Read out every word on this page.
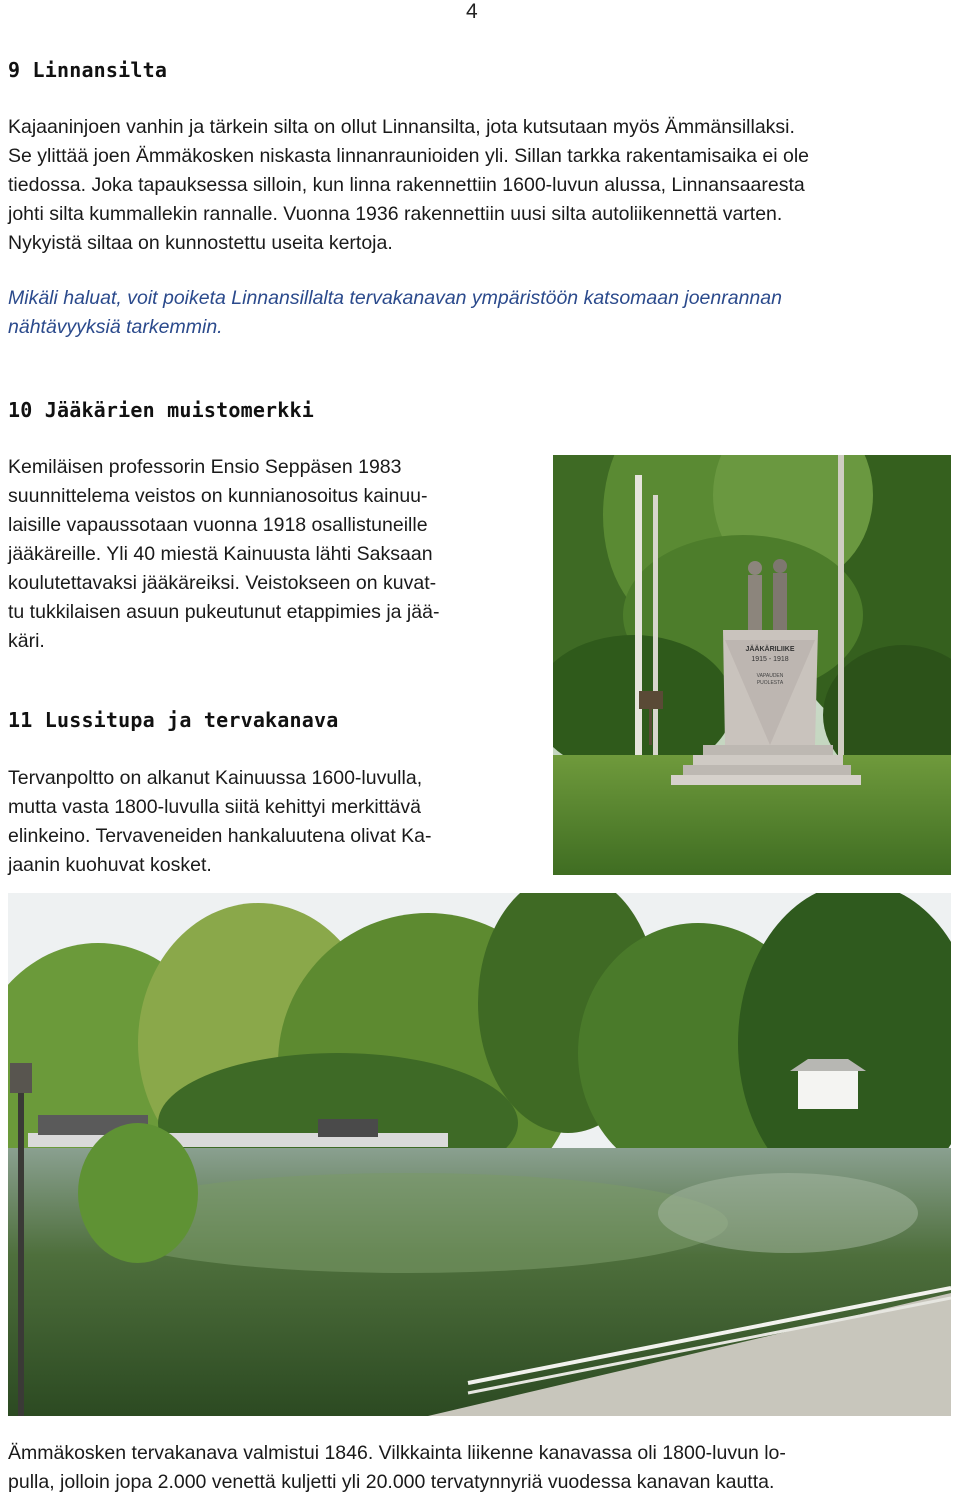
4
9 Linnansilta
Kajaaninjoen vanhin ja tärkein silta on ollut Linnansilta, jota kutsutaan myös Ämmänsillaksi.
Se ylittää joen Ämmäkosken niskasta linnanraunioiden yli. Sillan tarkka rakentamisaika ei ole
tiedossa. Joka tapauksessa silloin, kun linna rakennettiin 1600-luvun alussa, Linnansaaresta
johti silta kummallekin rannalle. Vuonna 1936 rakennettiin uusi silta autoliikennettä varten.
Nykyistä siltaa on kunnostettu useita kertoja.
Mikäli haluat, voit poiketa Linnansillalta tervakanavan ympäristöön katsomaan joenrannan
nähtävyyksiä tarkemmin.
10 Jääkärien muistomerkki
Kemiläisen professorin Ensio Seppäsen 1983
suunnittelema veistos on kunnianosoitus kainuu-
laisille vapaussotaan vuonna 1918 osallistuneille
jääkäreille. Yli 40 miestä Kainuusta lähti Saksaan
koulutettavaksi jääkäreiksi. Veistokseen on kuvat-
tu tukkilaisen asuun pukeutunut etappimies ja jää-
käri.	JÄÄKÄRILIIKE
1915 - 1918
VAPAUDEN
PUOLESTA
11 Lussitupa ja tervakanava
Tervanpoltto on alkanut Kainuussa 1600-luvulla,
mutta vasta 1800-luvulla siitä kehittyi merkittävä
elinkeino. Tervaveneiden hankaluutena olivat Ka-
jaanin kuohuvat kosket.
Ämmäkosken tervakanava valmistui 1846. Vilkkainta liikenne kanavassa oli 1800-luvun lo-
pulla, jolloin jopa 2.000 venettä kuljetti yli 20.000 tervatynnyriä vuodessa kanavan kautta.
